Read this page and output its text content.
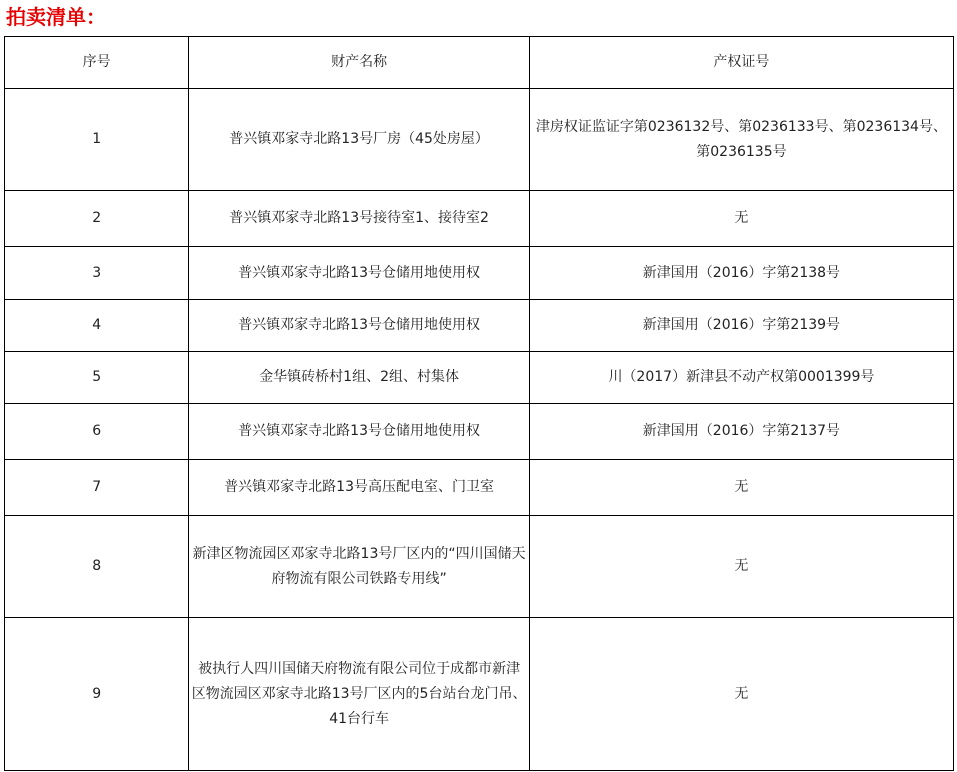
拍卖清单：
序号	财产名称	产权证号
1	普兴镇邓家寺北路13号厂房（45处房屋）	津房权证监证字第0236132号、第0236133号、第0236134号、第0236135号
2	普兴镇邓家寺北路13号接待室1、接待室2	无
3	普兴镇邓家寺北路13号仓储用地使用权	新津国用（2016）字第2138号
4	普兴镇邓家寺北路13号仓储用地使用权	新津国用（2016）字第2139号
5	金华镇砖桥村1组、2组、村集体	川（2017）新津县不动产权第0001399号
6	普兴镇邓家寺北路13号仓储用地使用权	新津国用（2016）字第2137号
7	普兴镇邓家寺北路13号高压配电室、门卫室	无
8	新津区物流园区邓家寺北路13号厂区内的“四川国储天府物流有限公司铁路专用线”	无
9	被执行人四川国储天府物流有限公司位于成都市新津区物流园区邓家寺北路13号厂区内的5台站台龙门吊、41台行车	无
